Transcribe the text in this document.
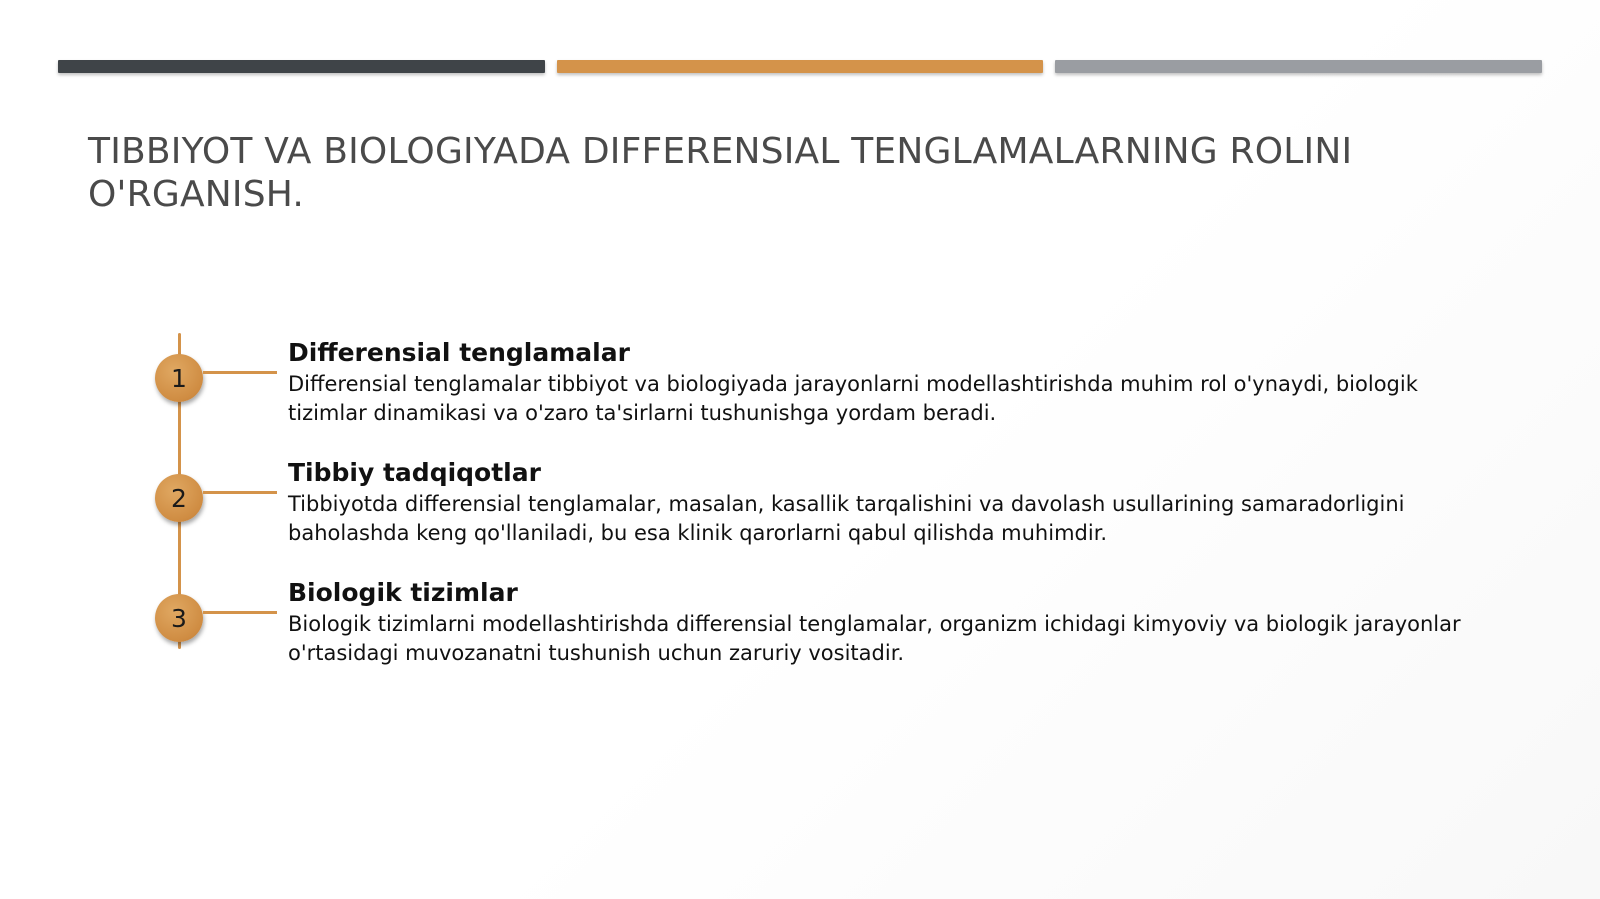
TIBBIYOT VA BIOLOGIYADA DIFFERENSIAL TENGLAMALARNING ROLINI O'RGANISH.
1

Differensial tenglamalar

Differensial tenglamalar tibbiyot va biologiyada jarayonlarni modellashtirishda muhim rol o'ynaydi, biologik tizimlar dinamikasi va o'zaro ta'sirlarni tushunishga yordam beradi.

2

Tibbiy tadqiqotlar

Tibbiyotda differensial tenglamalar, masalan, kasallik tarqalishini va davolash usullarining samaradorligini baholashda keng qo'llaniladi, bu esa klinik qarorlarni qabul qilishda muhimdir.

3

Biologik tizimlar

Biologik tizimlarni modellashtirishda differensial tenglamalar, organizm ichidagi kimyoviy va biologik jarayonlar o'rtasidagi muvozanatni tushunish uchun zaruriy vositadir.
